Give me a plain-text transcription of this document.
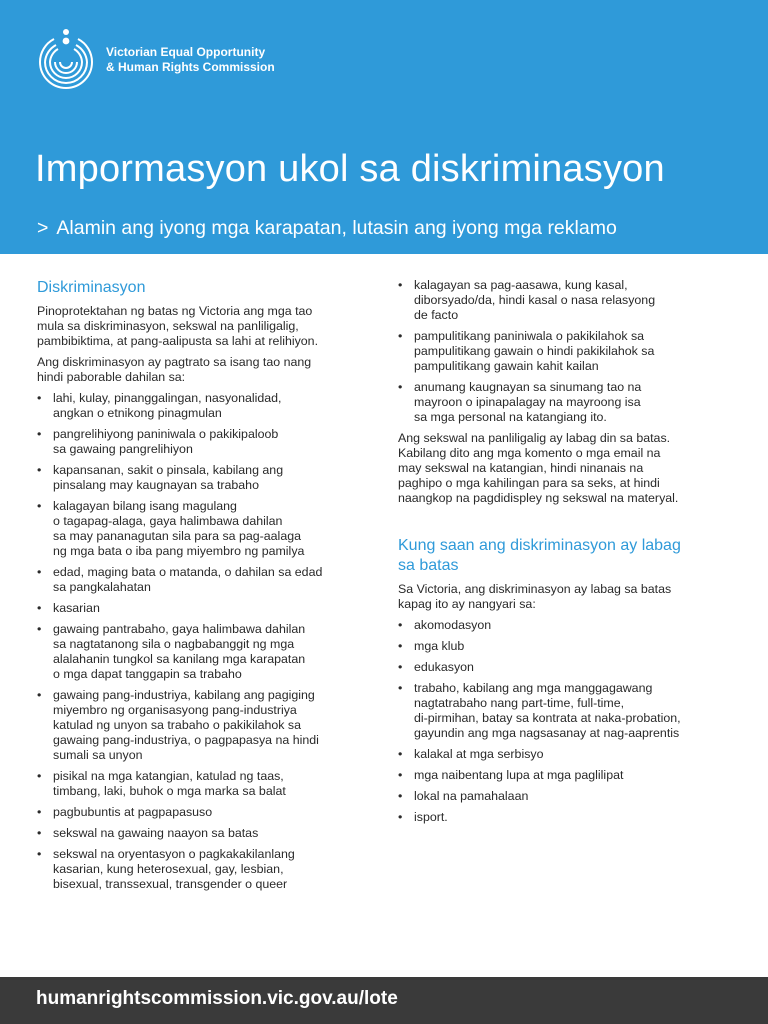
Victorian Equal Opportunity
& Human Rights Commission
Impormasyon ukol sa diskriminasyon
> Alamin ang iyong mga karapatan, lutasin ang iyong mga reklamo
Diskriminasyon

Pinoprotektahan ng batas ng Victoria ang mga tao
mula sa diskriminasyon, sekswal na panliligalig,
pambibiktima, at pang-aalipusta sa lahi at relihiyon.

Ang diskriminasyon ay pagtrato sa isang tao nang
hindi paborable dahilan sa:

• lahi, kulay, pinanggalingan, nasyonalidad,
angkan o etnikong pinagmulan
• pangrelihiyong paniniwala o pakikipaloob
sa gawaing pangrelihiyon
• kapansanan, sakit o pinsala, kabilang ang
pinsalang may kaugnayan sa trabaho
• kalagayan bilang isang magulang
o tagapag-alaga, gaya halimbawa dahilan
sa may pananagutan sila para sa pag-aalaga
ng mga bata o iba pang miyembro ng pamilya
• edad, maging bata o matanda, o dahilan sa edad
sa pangkalahatan
• kasarian
• gawaing pantrabaho, gaya halimbawa dahilan
sa nagtatanong sila o nagbabanggit ng mga
alalahanin tungkol sa kanilang mga karapatan
o mga dapat tanggapin sa trabaho
• gawaing pang-industriya, kabilang ang pagiging
miyembro ng organisasyong pang-industriya
katulad ng unyon sa trabaho o pakikilahok sa
gawaing pang-industriya, o pagpapasya na hindi
sumali sa unyon
• pisikal na mga katangian, katulad ng taas,
timbang, laki, buhok o mga marka sa balat
• pagbubuntis at pagpapasuso
• sekswal na gawaing naayon sa batas
• sekswal na oryentasyon o pagkakakilanlang
kasarian, kung heterosexual, gay, lesbian,
bisexual, transsexual, transgender o queer
• kalagayan sa pag-aasawa, kung kasal,
diborsyado/da, hindi kasal o nasa relasyong
de facto
• pampulitikang paniniwala o pakikilahok sa
pampulitikang gawain o hindi pakikilahok sa
pampulitikang gawain kahit kailan
• anumang kaugnayan sa sinumang tao na
mayroon o ipinapalagay na mayroong isa
sa mga personal na katangiang ito.

Ang sekswal na panliligalig ay labag din sa batas.
Kabilang dito ang mga komento o mga email na
may sekswal na katangian, hindi ninanais na
paghipo o mga kahilingan para sa seks, at hindi
naangkop na pagdidispley ng sekswal na materyal.

Kung saan ang diskriminasyon ay labag
sa batas

Sa Victoria, ang diskriminasyon ay labag sa batas
kapag ito ay nangyari sa:

• akomodasyon
• mga klub
• edukasyon
• trabaho, kabilang ang mga manggagawang
nagtatrabaho nang part-time, full-time,
di-pirmihan, batay sa kontrata at naka-probation,
gayundin ang mga nagsasanay at nag-aaprentis
• kalakal at mga serbisyo
• mga naibentang lupa at mga paglilipat
• lokal na pamahalaan
• isport.
humanrightscommission.vic.gov.au/lote
